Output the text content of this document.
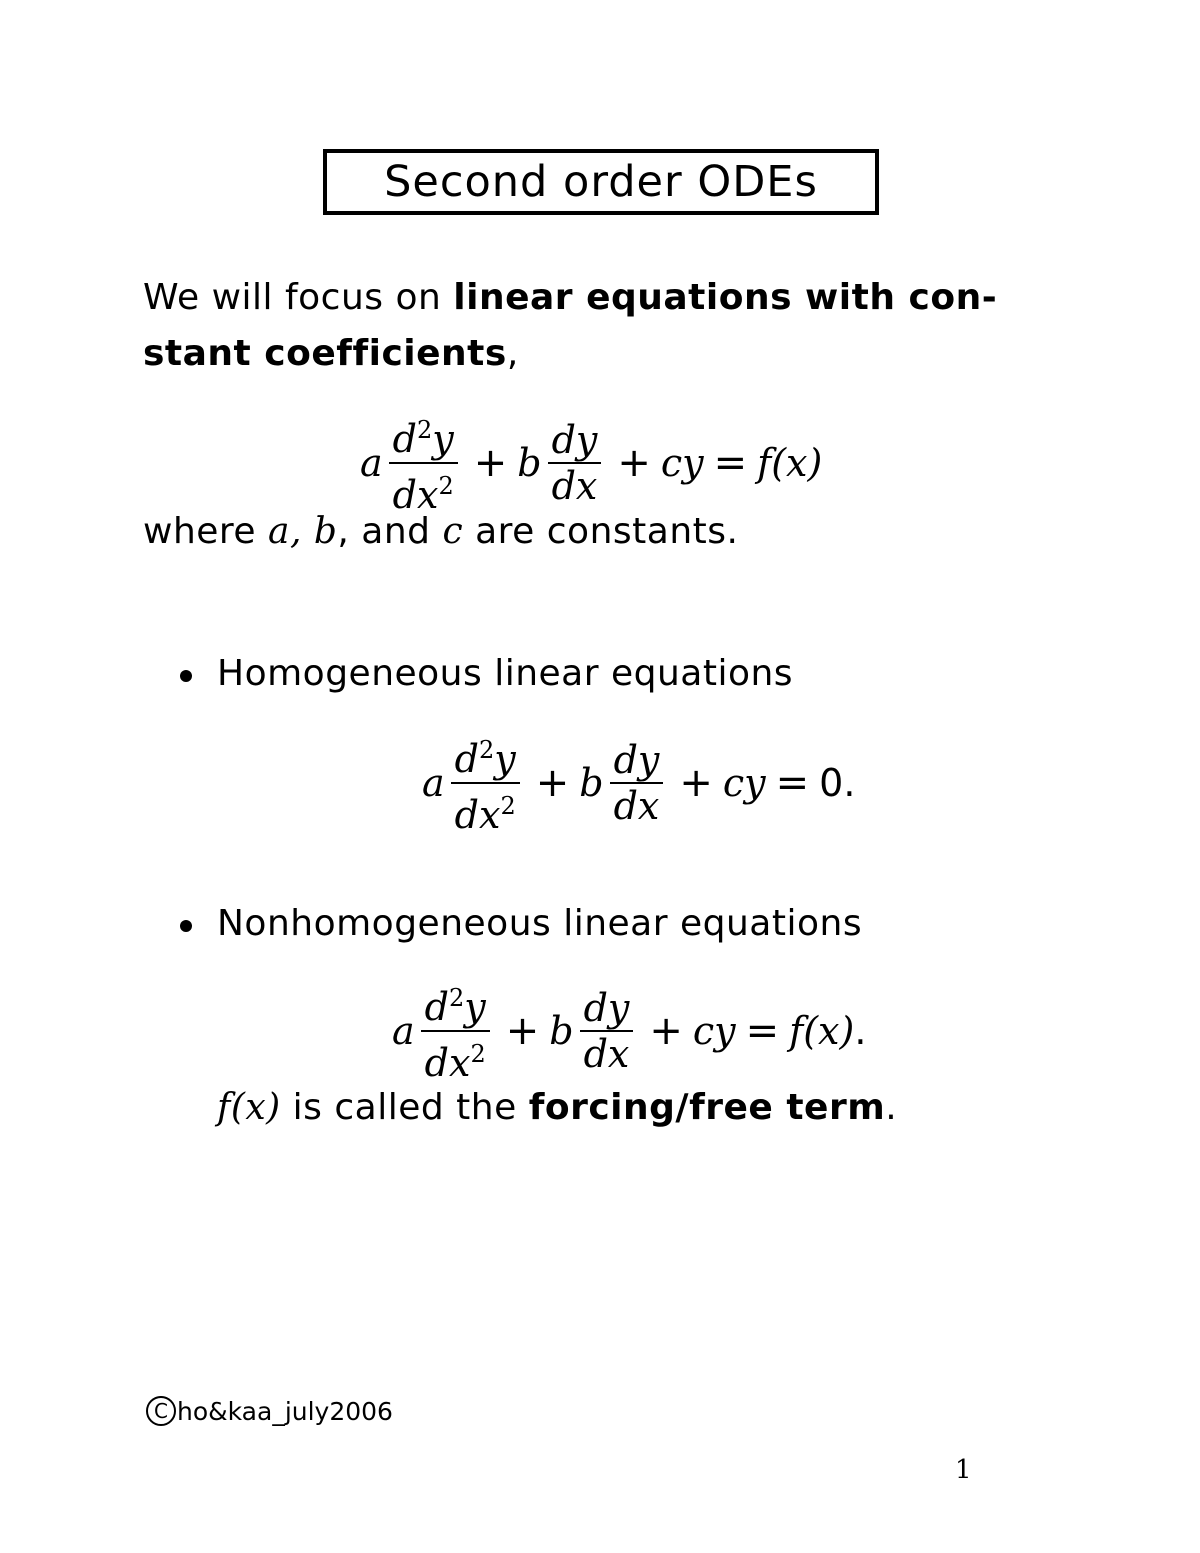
Second order ODEs
We will focus on linear equations with con-
stant coefficients,
a $\frac{d^2y}{dx^2} + b \frac{dy}{dx}$ + cy = f(x)
where a, b, and c are constants.
Homogeneous linear equations
a $\frac{d^2y}{dx^2} + b \frac{dy}{dx}$ + cy = 0 .
Nonhomogeneous linear equations
a $\frac{d^2y}{dx^2} + b \frac{dy}{dx}$ + cy = f(x) .
f(x) is called the forcing/free term.
C ho&kaa_july2006
1
